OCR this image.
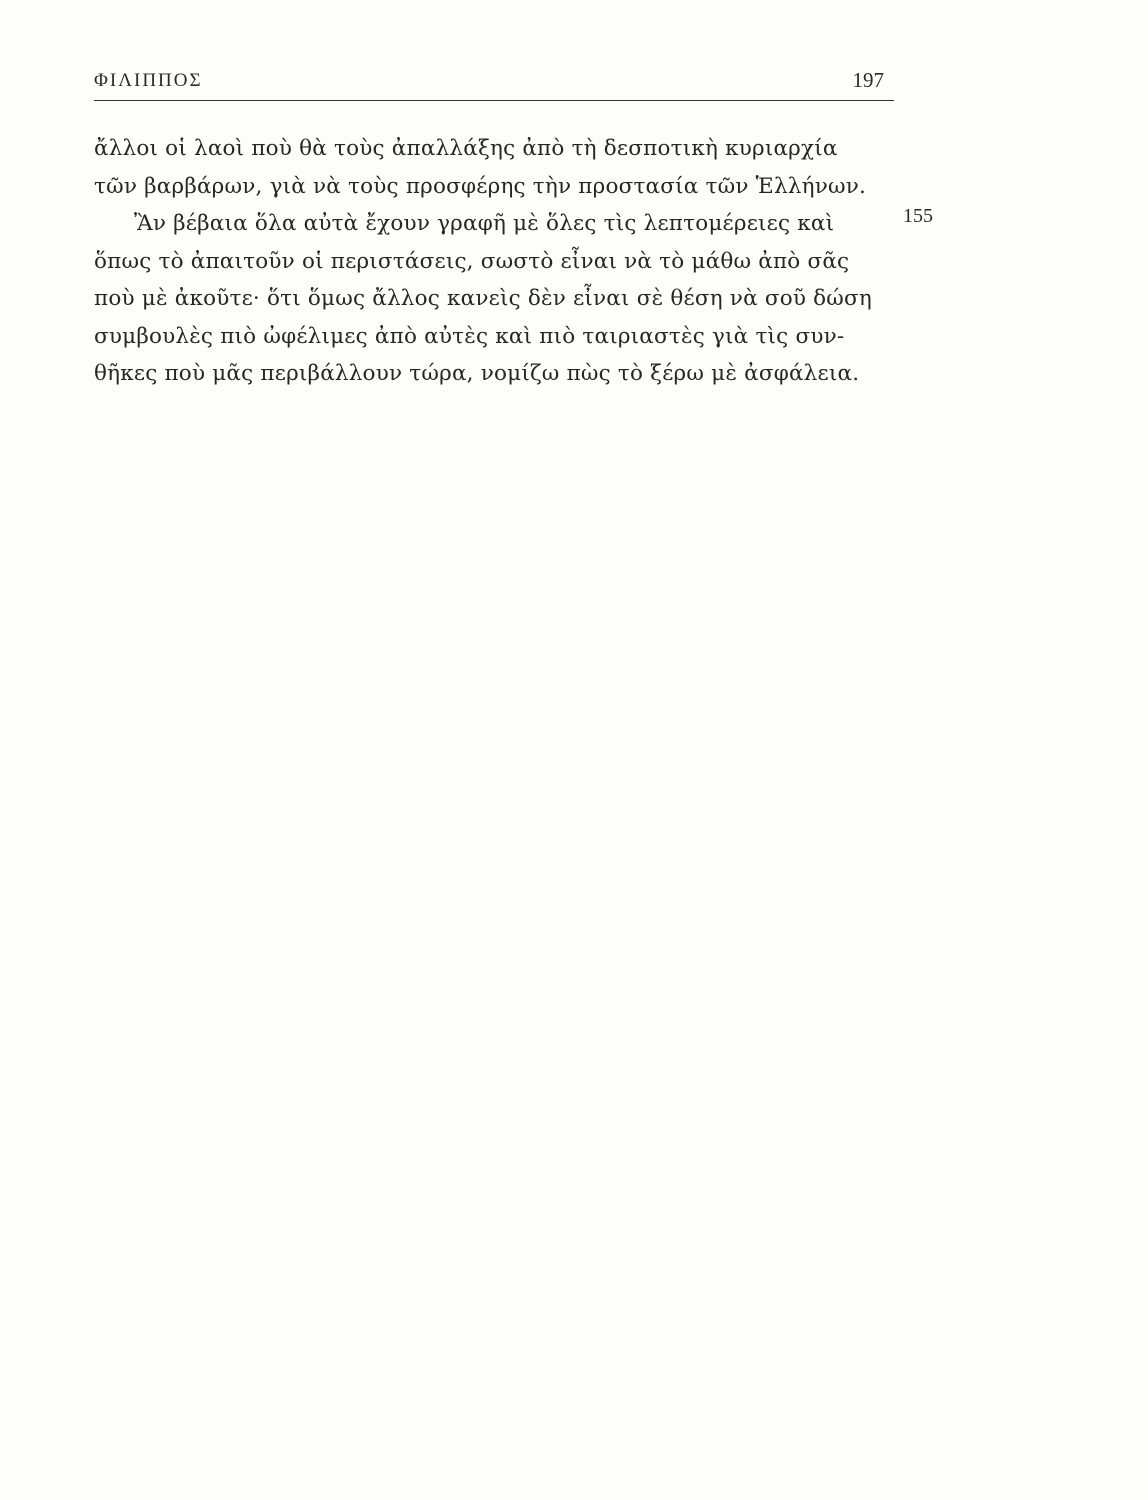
ΦΙΛΙΠΠΟΣ	197
ἄλλοι οἱ λαοὶ ποὺ θὰ τοὺς ἀπαλλάξης ἀπὸ τὴ δεσποτικὴ κυριαρχία
τῶν βαρβάρων, γιὰ νὰ τοὺς προσφέρης τὴν προστασία τῶν Ἑλλήνων.
Ἂν βέβαια ὅλα αὐτὰ ἔχουν γραφῆ μὲ ὅλες τὶς λεπτομέρειες καὶ
ὅπως τὸ ἀπαιτοῦν οἱ περιστάσεις, σωστὸ εἶναι νὰ τὸ μάθω ἀπὸ σᾶς
ποὺ μὲ ἀκοῦτε· ὅτι ὅμως ἄλλος κανεὶς δὲν εἶναι σὲ θέση νὰ σοῦ δώση
συμβουλὲς πιὸ ὠφέλιμες ἀπὸ αὐτὲς καὶ πιὸ ταιριαστὲς γιὰ τὶς συν-
θῆκες ποὺ μᾶς περιβάλλουν τώρα, νομίζω πὼς τὸ ξέρω μὲ ἀσφάλεια.
155
